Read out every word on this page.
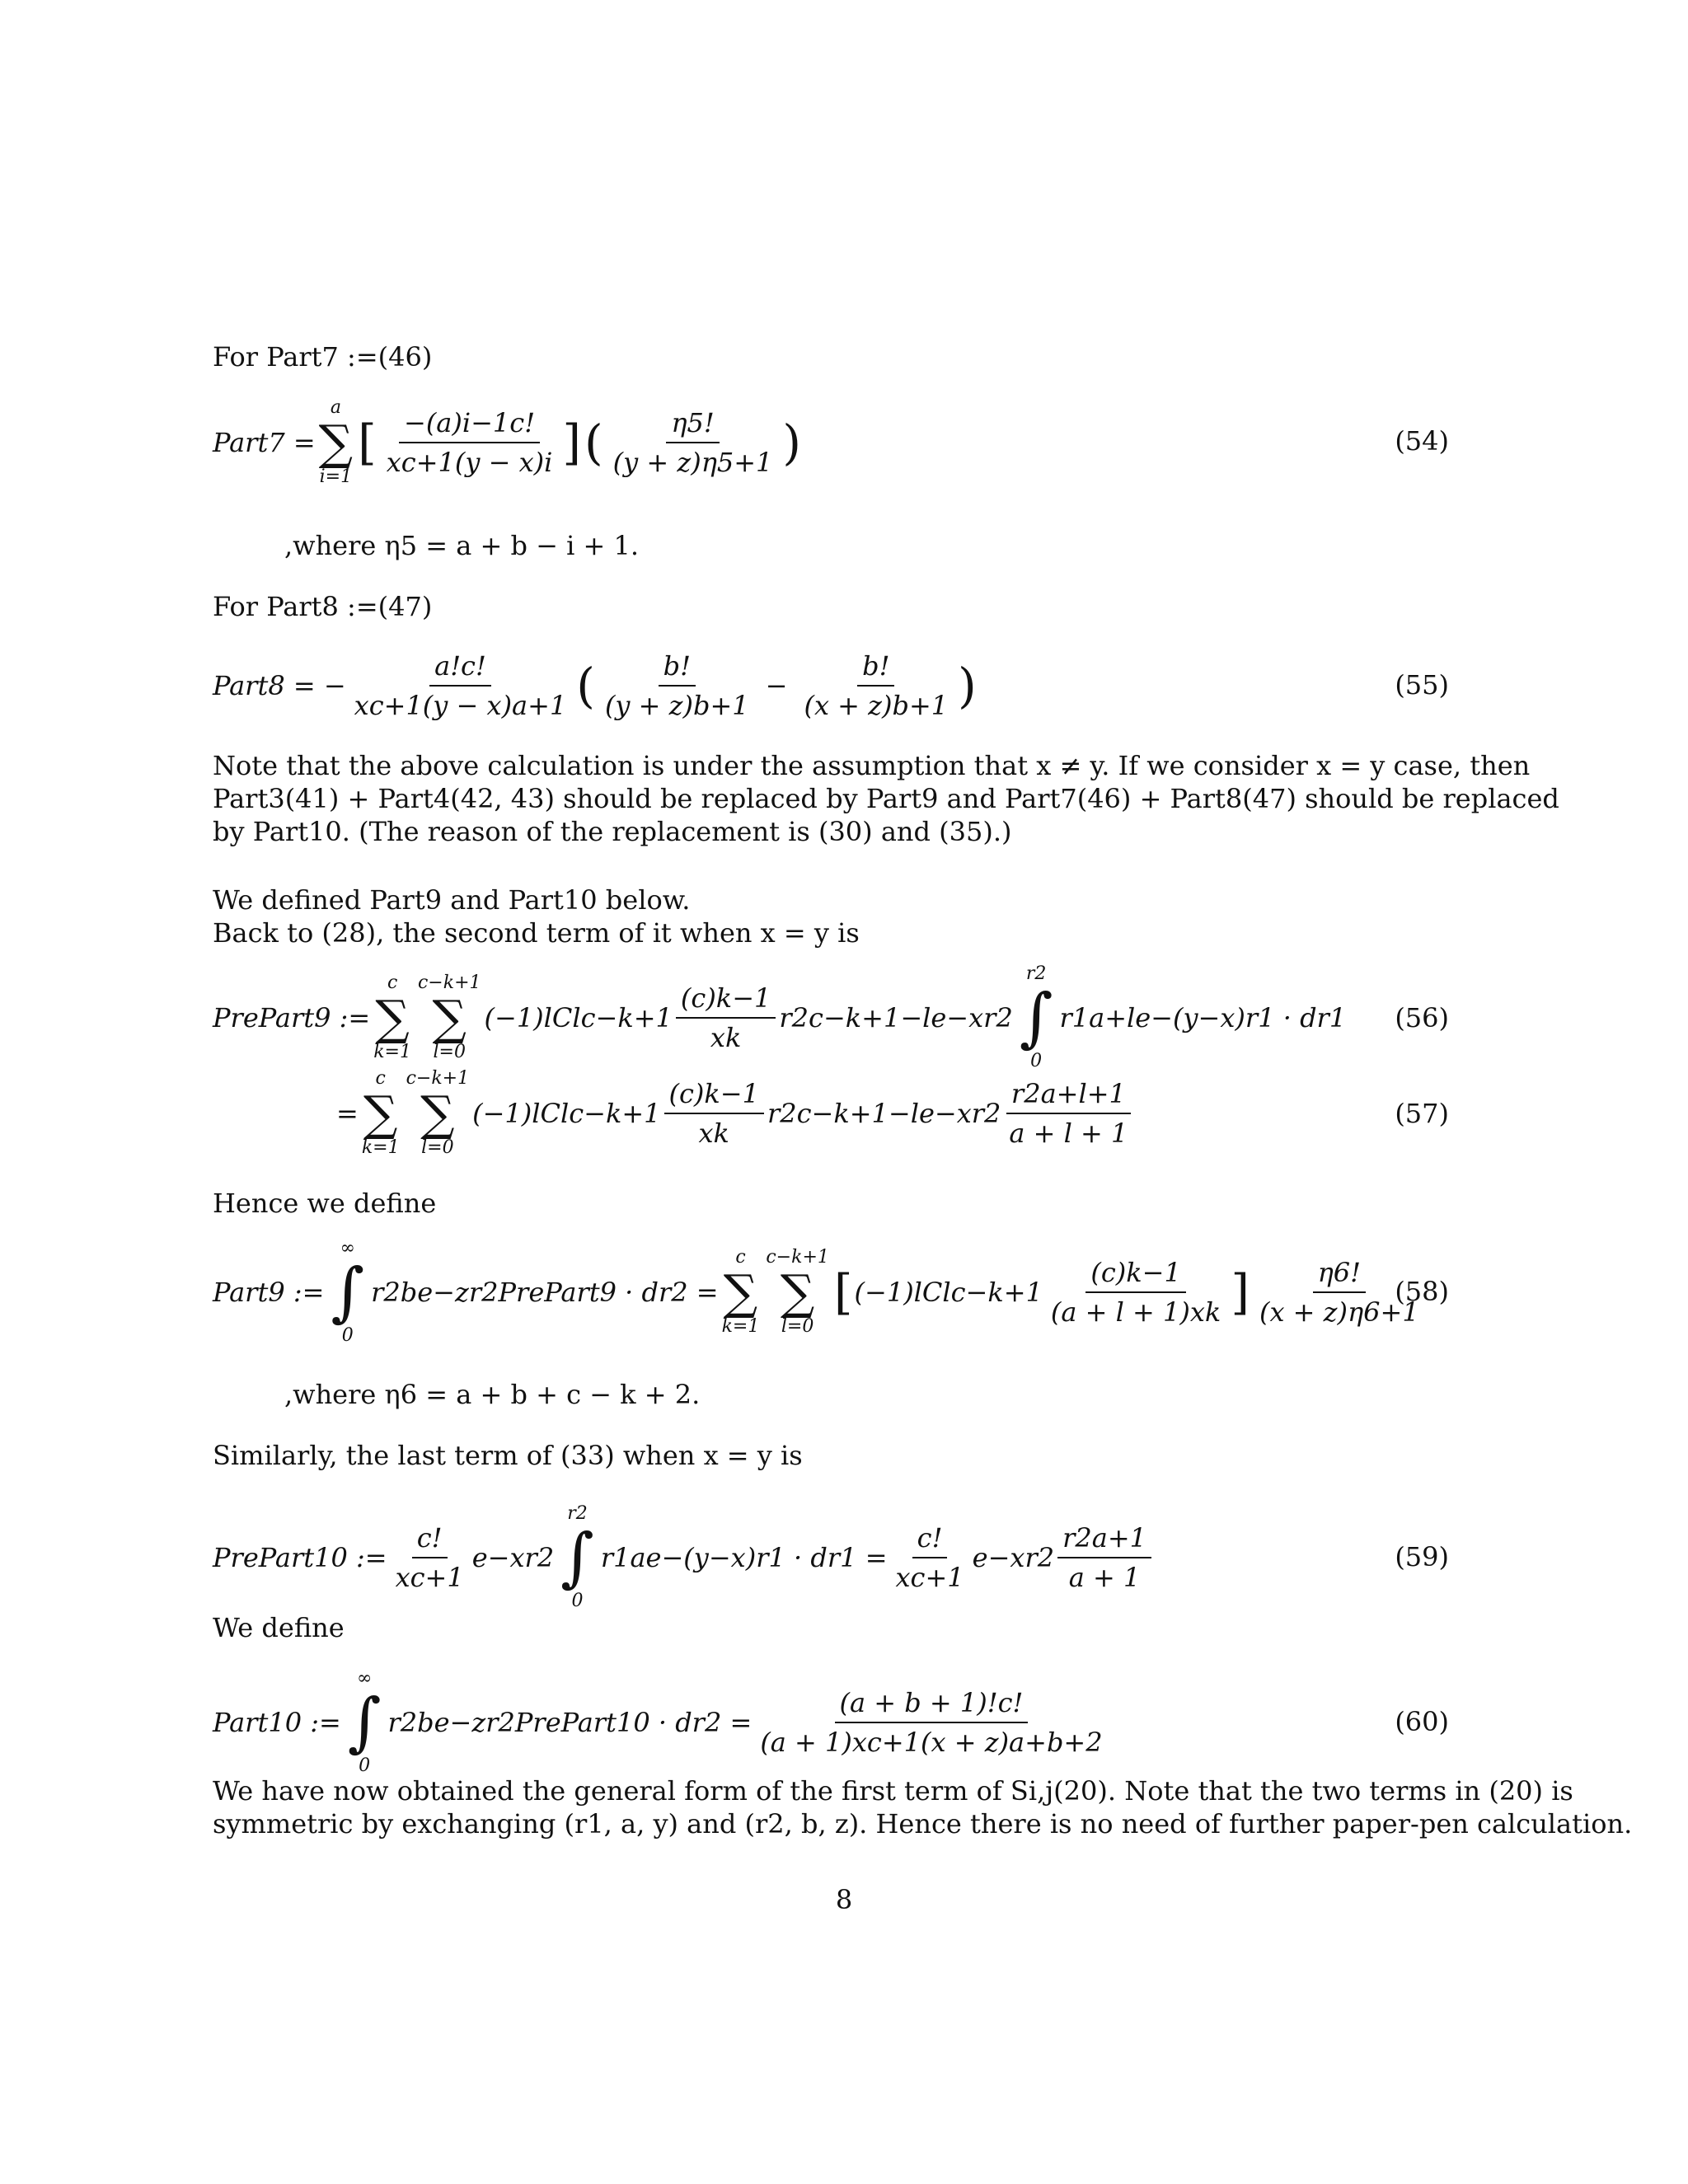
For Part7 :=(46)
Part7 =
a
∑
i=1
[ $\frac{-(a)i-1c!}{xc+1(y - x)i}$ ] ( $\frac{\eta 5!}{(y + z)\eta 5+1}$ )	(54)
,where η5 = a + b − i + 1.
For Part8 :=(47)
Part8 = − $\frac{a!c!}{xc+1(y - x)a+1}$ ( $\frac{b!}{(y + z)b+1} - \frac{b!}{(x + z)b+1}$ )	(55)

Note that the above calculation is under the assumption that x ≠ y. If we consider x = y case, then

Part3(41) + Part4(42, 43) should be replaced by Part9 and Part7(46) + Part8(47) should be replaced

by Part10. (The reason of the replacement is (30) and (35).)

We defined Part9 and Part10 below.

Back to (28), the second term of it when x = y is

PrePart9 :=
c
∑
k=1
c−k+1
∑
l=0
(−1)lClc−k+1 $\frac{(c)k-1}{xk} r2c-k+1-le-xr2$
r2
∫
0
r1a+le−(y−x)r1 · dr1 (56)
=
c
∑
k=1
c−k+1
∑
l=0
(−1)lClc−k+1 $\frac{(c)k-1}{xk} r2c-k+1-le-xr2 \frac{r2a+l+1}{a + l + 1}$	(57)
Hence we define
Part9 :=
∞
∫
0
r2be−zr2PrePart9 · dr2 =
c
∑
k=1
c−k+1
∑
l=0
[ (−1)lClc−k+1 $\frac{(c)k-1}{(a + l + 1)xk}$ ] $\frac{\eta 6!}{(x + z)\eta 6+1}$
(58)
,where η6 = a + b + c − k + 2.
Similarly, the last term of (33) when x = y is
PrePart10 := $\frac{c!}{xc+1} e-xr2$
r2
∫
0
$r1ae-(y-x)r1 \cdot dr1 = \frac{c!}{xc+1} e-xr2 \frac{r2a+1}{a + 1}$	(59)
We define
Part10 :=
∞
∫
0
r2be−zr2PrePart10 · $dr2 = \frac{(a + b + 1)!c!}{(a + 1)xc+1(x + z)a+b+2}$	(60)

We have now obtained the general form of the first term of Si,j(20). Note that the two terms in (20) is

symmetric by exchanging (r1, a, y) and (r2, b, z). Hence there is no need of further paper-pen calculation.

8
